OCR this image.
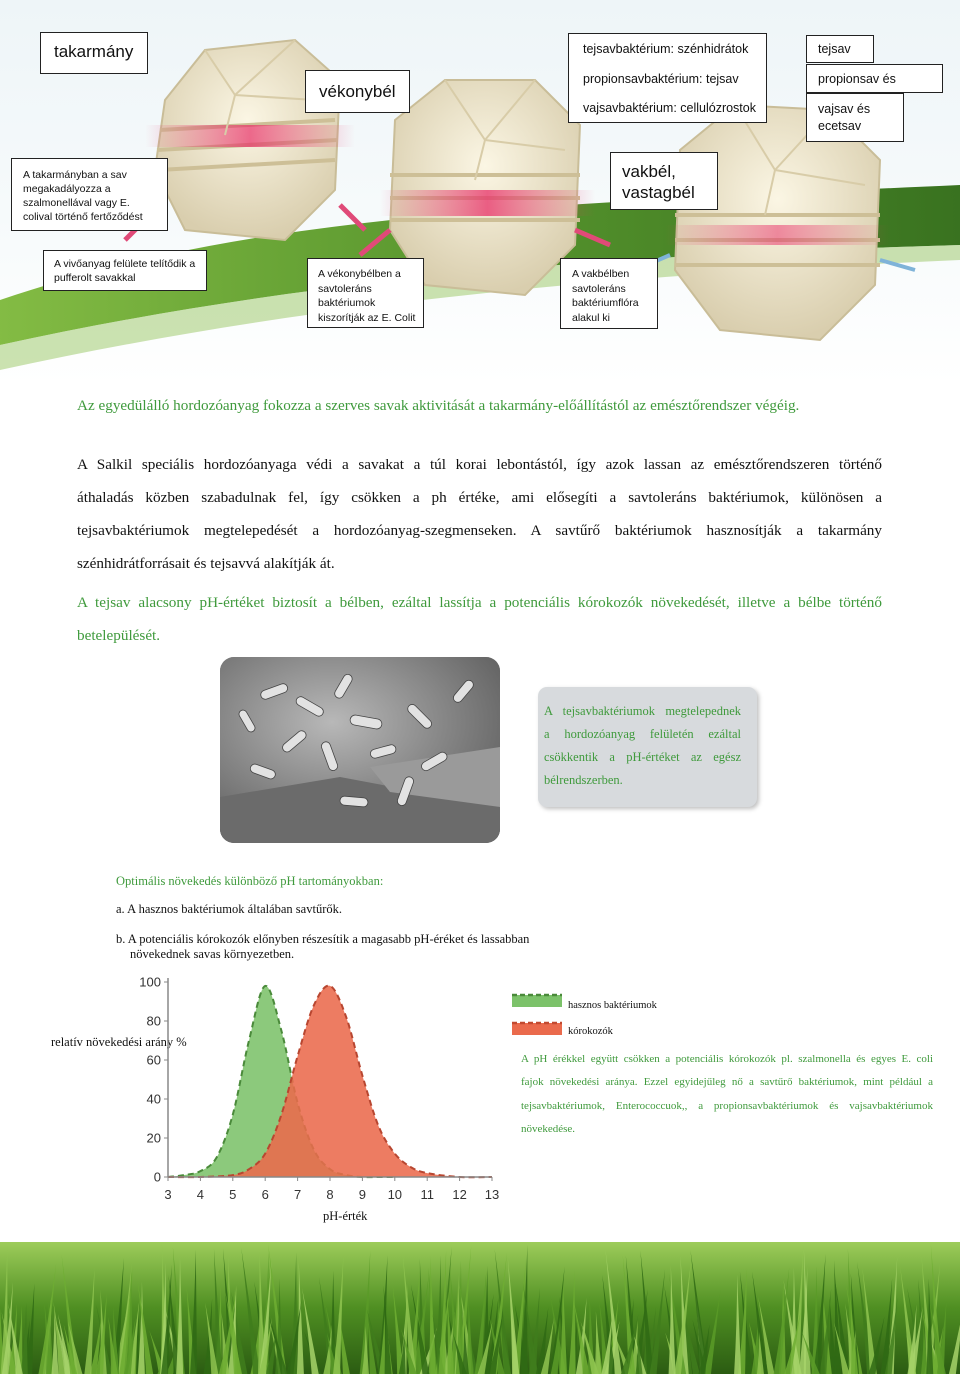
takarmány
vékonybél
tejsavbaktérium: szénhidrátok
propionsavbaktérium: tejsav
vajsavbaktérium: cellulózrostok
tejsav
propionsav és
vajsav és ecetsav
vakbél, vastagbél
A takarmányban a sav megakadályozza a szalmonellával vagy E. colival történő fertőződést
A vivőanyag felülete telítődik a pufferolt savakkal	A vékonybélben a savtoleráns baktériumok kiszorítják az E. Colit
A vakbélben savtoleráns baktériumflóra alakul ki
Az egyedülálló hordozóanyag fokozza a szerves savak aktivitását a takarmány-előállítástól az emésztőrendszer végéig.
A Salkil speciális hordozóanyaga védi a savakat a túl korai lebontástól, így azok lassan az emésztőrendszeren történő
áthaladás közben szabadulnak fel, így csökken a ph értéke, ami elősegíti a savtoleráns baktériumok, különösen a
tejsavbaktériumok megtelepedését a hordozóanyag-szegmenseken. A savtűrő baktériumok hasznosítják a takarmány
szénhidrátforrásait és tejsavvá alakítják át.
A tejsav alacsony pH-értéket biztosít a bélben, ezáltal lassítja a potenciális kórokozók növekedését, illetve a bélbe történő
betelepülését.
A tejsavbaktériumok megtelepednek
a hordozóanyag felületén ezáltal
csökkentik a pH-értéket az egész
bélrendszerben.
Optimális növekedés különböző pH tartományokban:
a. A hasznos baktériumok általában savtűrők.
b. A potenciális kórokozók előnyben részesítik a magasabb pH-éréket és lassabban
növekednek savas környezetben.
relatív növekedési arány %
pH-érték
0
20
40
60
80
100
3 4 5 6 7 8 9 10 11 12 13
hasznos baktériumok
kórokozók
A pH érékkel együtt csökken a potenciális kórokozók pl. szalmonella és egyes E. coli
fajok növekedési aránya. Ezzel egyidejűleg nő a savtűrő baktériumok, mint például a
tejsavbaktériumok, Enterococcuok,, a propionsavbaktériumok és vajsavbaktériumok
növekedése.
